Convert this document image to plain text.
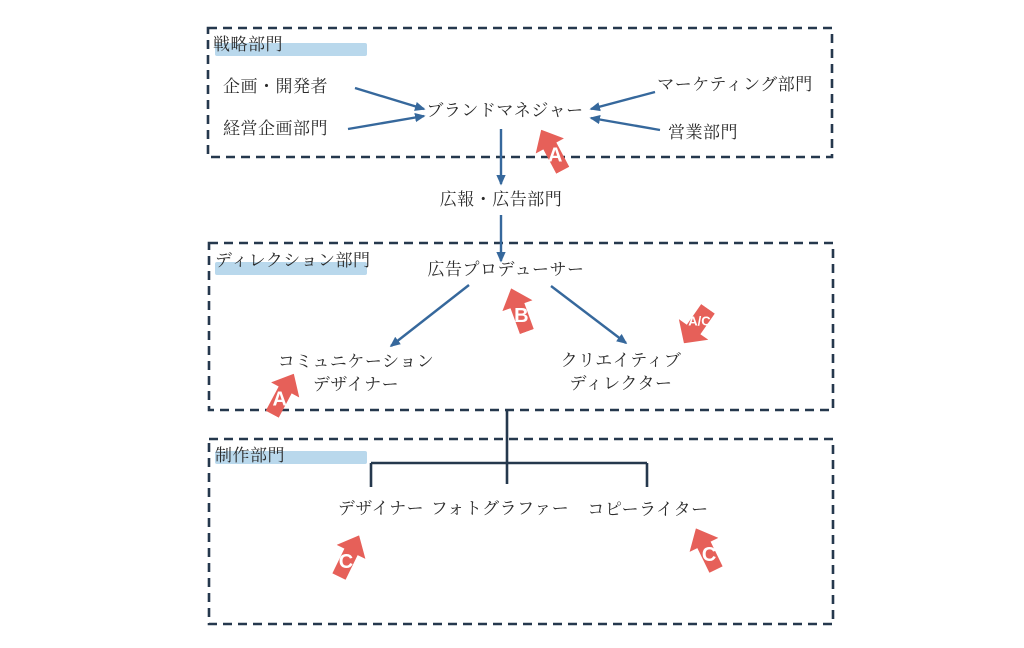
戦略部門
ディレクション部門
制作部門
企画・開発者
経営企画部門
ブランドマネジャー
マーケティング部門
営業部門
広報・広告部門
広告プロデューサー
コミュニケーション
デザイナー
クリエイティブ
ディレクター
デザイナー フォトグラファー コピーライター
A
B	A/C
A
C	C
